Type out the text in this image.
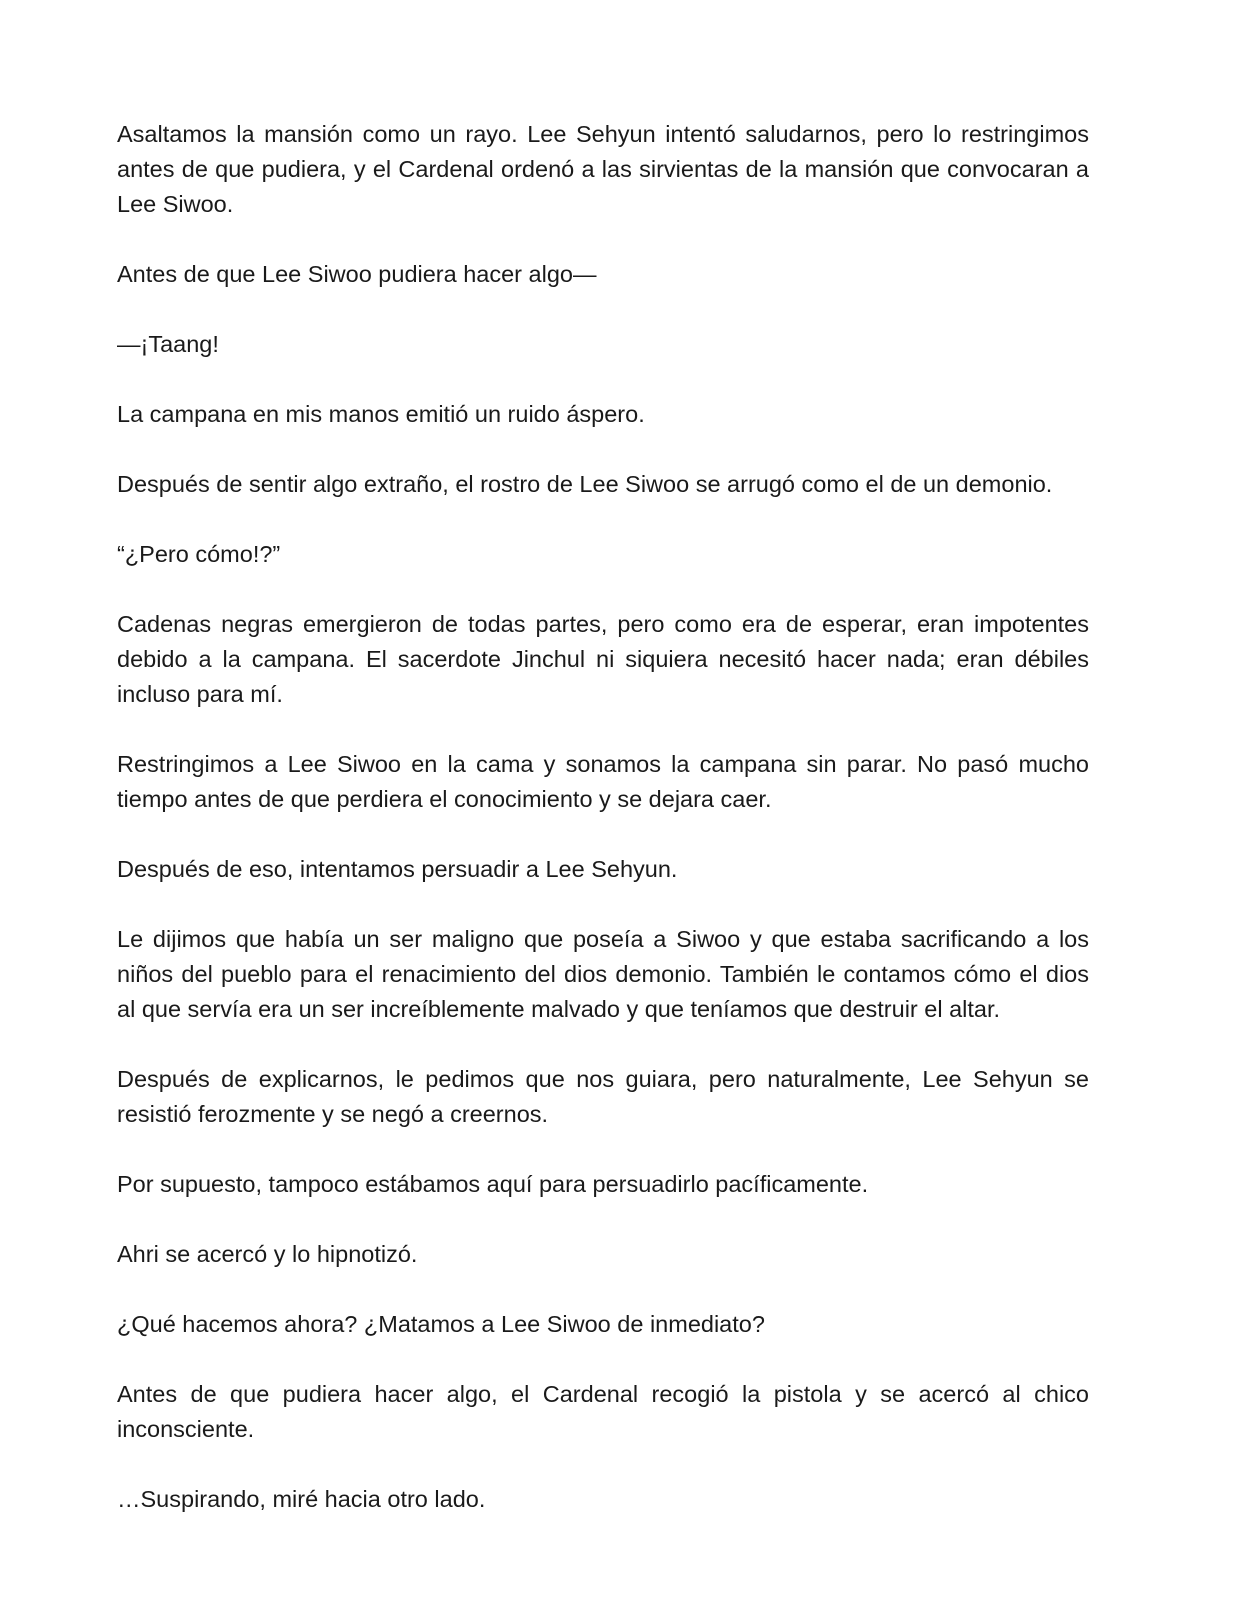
Asaltamos la mansión como un rayo. Lee Sehyun intentó saludarnos, pero lo restringimos antes de que pudiera, y el Cardenal ordenó a las sirvientas de la mansión que convocaran a Lee Siwoo.

Antes de que Lee Siwoo pudiera hacer algo—

—¡Taang!

La campana en mis manos emitió un ruido áspero.

Después de sentir algo extraño, el rostro de Lee Siwoo se arrugó como el de un demonio.

“¿Pero cómo!?”

Cadenas negras emergieron de todas partes, pero como era de esperar, eran impotentes debido a la campana. El sacerdote Jinchul ni siquiera necesitó hacer nada; eran débiles incluso para mí.

Restringimos a Lee Siwoo en la cama y sonamos la campana sin parar. No pasó mucho tiempo antes de que perdiera el conocimiento y se dejara caer.

Después de eso, intentamos persuadir a Lee Sehyun.

Le dijimos que había un ser maligno que poseía a Siwoo y que estaba sacrificando a los niños del pueblo para el renacimiento del dios demonio. También le contamos cómo el dios al que servía era un ser increíblemente malvado y que teníamos que destruir el altar.

Después de explicarnos, le pedimos que nos guiara, pero naturalmente, Lee Sehyun se resistió ferozmente y se negó a creernos.

Por supuesto, tampoco estábamos aquí para persuadirlo pacíficamente.

Ahri se acercó y lo hipnotizó.

¿Qué hacemos ahora? ¿Matamos a Lee Siwoo de inmediato?

Antes de que pudiera hacer algo, el Cardenal recogió la pistola y se acercó al chico inconsciente.

…Suspirando, miré hacia otro lado.
